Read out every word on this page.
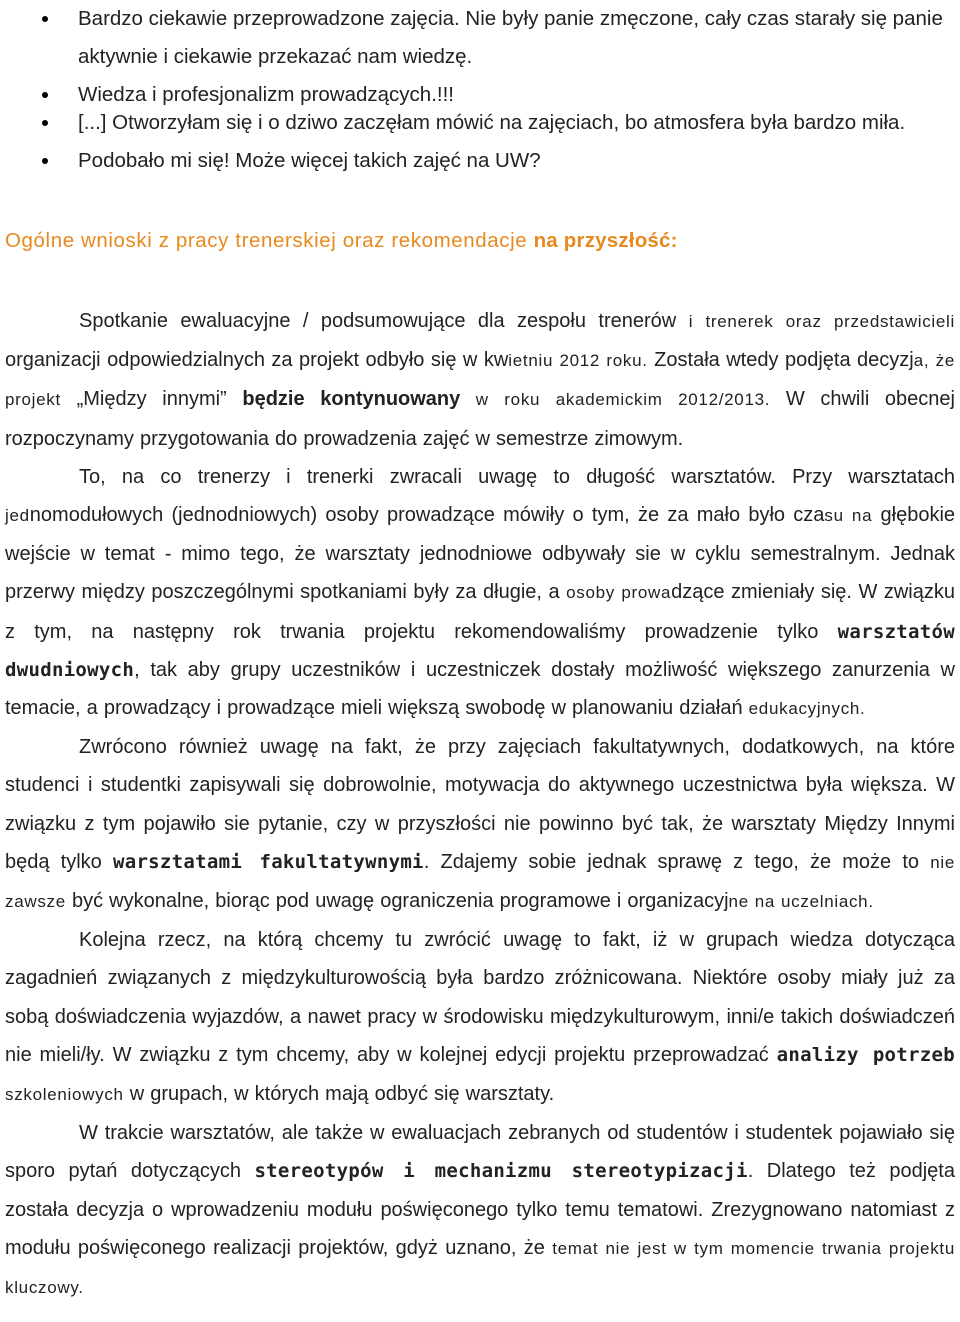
Bardzo ciekawie przeprowadzone zajęcia. Nie były panie zmęczone, cały czas starały się panie aktywnie i ciekawie przekazać nam wiedzę.
Wiedza i profesjonalizm prowadzących.!!!
[...] Otworzyłam się i o dziwo zaczęłam mówić na zajęciach, bo atmosfera była bardzo miła.
Podobało mi się! Może więcej takich zajęć na UW?
Ogólne wnioski z pracy trenerskiej oraz rekomendacje na przyszłość:

Spotkanie ewaluacyjne / podsumowujące dla zespołu trenerów i trenerek oraz przedstawicieli organizacji odpowiedzialnych za projekt odbyło się w kwietniu 2012 roku. Została wtedy podjęta decyzja, że projekt „Między innymi” będzie kontynuowany w roku akademickim 2012/2013. W chwili obecnej rozpoczynamy przygotowania do prowadzenia zajęć w semestrze zimowym.

To, na co trenerzy i trenerki zwracali uwagę to długość warsztatów. Przy warsztatach jednomodułowych (jednodniowych) osoby prowadzące mówiły o tym, że za mało było czasu na głębokie wejście w temat - mimo tego, że warsztaty jednodniowe odbywały sie w cyklu semestralnym. Jednak przerwy między poszczególnymi spotkaniami były za długie, a osoby prowadzące zmieniały się. W związku z tym, na następny rok trwania projektu rekomendowaliśmy prowadzenie tylko warsztatów dwudniowych, tak aby grupy uczestników i uczestniczek dostały możliwość większego zanurzenia w temacie, a prowadzący i prowadzące mieli większą swobodę w planowaniu działań edukacyjnych.

Zwrócono również uwagę na fakt, że przy zajęciach fakultatywnych, dodatkowych, na które studenci i studentki zapisywali się dobrowolnie, motywacja do aktywnego uczestnictwa była większa. W związku z tym pojawiło sie pytanie, czy w przyszłości nie powinno być tak, że warsztaty Między Innymi będą tylko warsztatami fakultatywnymi. Zdajemy sobie jednak sprawę z tego, że może to nie zawsze być wykonalne, biorąc pod uwagę ograniczenia programowe i organizacyjne na uczelniach.

Kolejna rzecz, na którą chcemy tu zwrócić uwagę to fakt, iż w grupach wiedza dotycząca zagadnień związanych z międzykulturowością była bardzo zróżnicowana. Niektóre osoby miały już za sobą doświadczenia wyjazdów, a nawet pracy w środowisku międzykulturowym, inni/e takich doświadczeń nie mieli/ły. W związku z tym chcemy, aby w kolejnej edycji projektu przeprowadzać analizy potrzeb szkoleniowych w grupach, w których mają odbyć się warsztaty.

W trakcie warsztatów, ale także w ewaluacjach zebranych od studentów i studentek pojawiało się sporo pytań dotyczących stereotypów i mechanizmu stereotypizacji. Dlatego też podjęta została decyzja o wprowadzeniu modułu poświęconego tylko temu tematowi. Zrezygnowano natomiast z modułu poświęconego realizacji projektów, gdyż uznano, że temat nie jest w tym momencie trwania projektu kluczowy.
